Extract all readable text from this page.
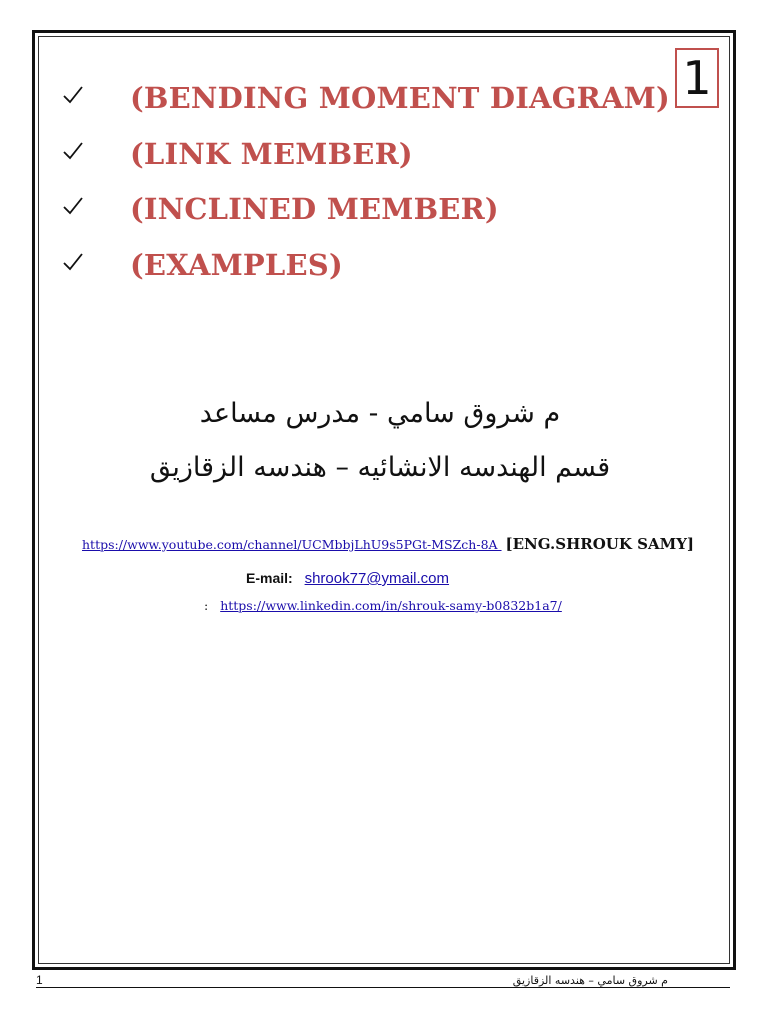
1
(BENDING MOMENT DIAGRAM)
(LINK MEMBER)
(INCLINED MEMBER)
(EXAMPLES)
م شروق سامي - مدرس مساعد
قسم الهندسه الانشائيه – هندسه الزقازيق
https://www.youtube.com/channel/UCMbbjLhU9s5PGt-MSZch-8A [ENG.SHROUK SAMY]
E-mail: shrook77@ymail.com
: https://www.linkedin.com/in/shrouk-samy-b0832b1a7/
1	م شروق سامي – هندسه الزقازيق
